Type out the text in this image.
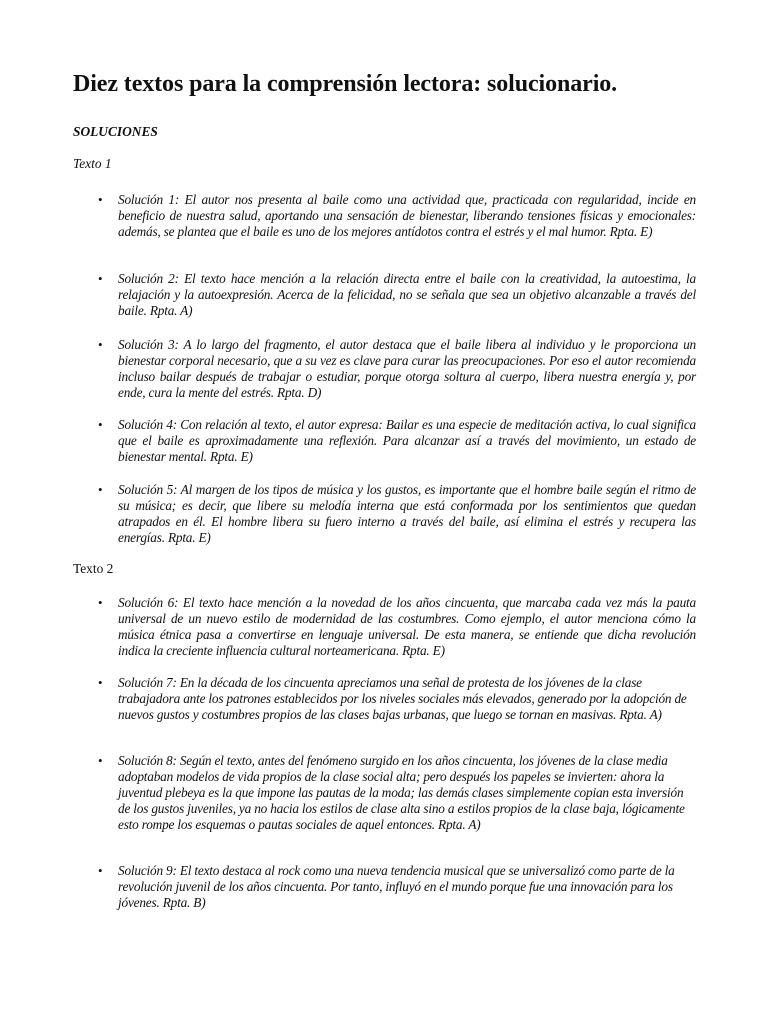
Diez textos para la comprensión lectora: solucionario.

SOLUCIONES

Texto 1

•	Solución 1: El autor nos presenta al baile como una actividad que, practicada con regularidad, incide en beneficio de nuestra salud, aportando una sensación de bienestar, liberando tensiones físicas y emocionales: además, se plantea que el baile es uno de los mejores antídotos contra el estrés y el mal humor. Rpta. E)

•	Solución 2: El texto hace mención a la relación directa entre el baile con la creatividad, la autoestima, la relajación y la autoexpresión. Acerca de la felicidad, no se señala que sea un objetivo alcanzable a través del baile. Rpta. A)

•	Solución 3: A lo largo del fragmento, el autor destaca que el baile libera al individuo y le proporciona un bienestar corporal necesario, que a su vez es clave para curar las preocupaciones. Por eso el autor recomienda incluso bailar después de trabajar o estudiar, porque otorga soltura al cuerpo, libera nuestra energía y, por ende, cura la mente del estrés. Rpta. D)

•	Solución 4: Con relación al texto, el autor expresa: Bailar es una especie de meditación activa, lo cual significa que el baile es aproximadamente una reflexión. Para alcanzar así a través del movimiento, un estado de bienestar mental. Rpta. E)

•	Solución 5: Al margen de los tipos de música y los gustos, es importante que el hombre baile según el ritmo de su música; es decir, que libere su melodía interna que está conformada por los sentimientos que quedan atrapados en él. El hombre libera su fuero interno a través del baile, así elimina el estrés y recupera las energías. Rpta. E)

Texto 2

•	Solución 6: El texto hace mención a la novedad de los años cincuenta, que marcaba cada vez más la pauta universal de un nuevo estilo de modernidad de las costumbres. Como ejemplo, el autor menciona cómo la música étnica pasa a convertirse en lenguaje universal. De esta manera, se entiende que dicha revolución indica la creciente influencia cultural norteamericana. Rpta. E)

•	Solución 7: En la década de los cincuenta apreciamos una señal de protesta de los jóvenes de la clase trabajadora ante los patrones establecidos por los niveles sociales más elevados, generado por la adopción de nuevos gustos y costumbres propios de las clases bajas urbanas, que luego se tornan en masivas. Rpta. A)

•	Solución 8: Según el texto, antes del fenómeno surgido en los años cincuenta, los jóvenes de la clase media adoptaban modelos de vida propios de la clase social alta; pero después los papeles se invierten: ahora la juventud plebeya es la que impone las pautas de la moda; las demás clases simplemente copian esta inversión de los gustos juveniles, ya no hacia los estilos de clase alta sino a estilos propios de la clase baja, lógicamente esto rompe los esquemas o pautas sociales de aquel entonces. Rpta. A)

•	Solución 9: El texto destaca al rock como una nueva tendencia musical que se universalizó como parte de la revolución juvenil de los años cincuenta. Por tanto, influyó en el mundo porque fue una innovación para los jóvenes. Rpta. B)
